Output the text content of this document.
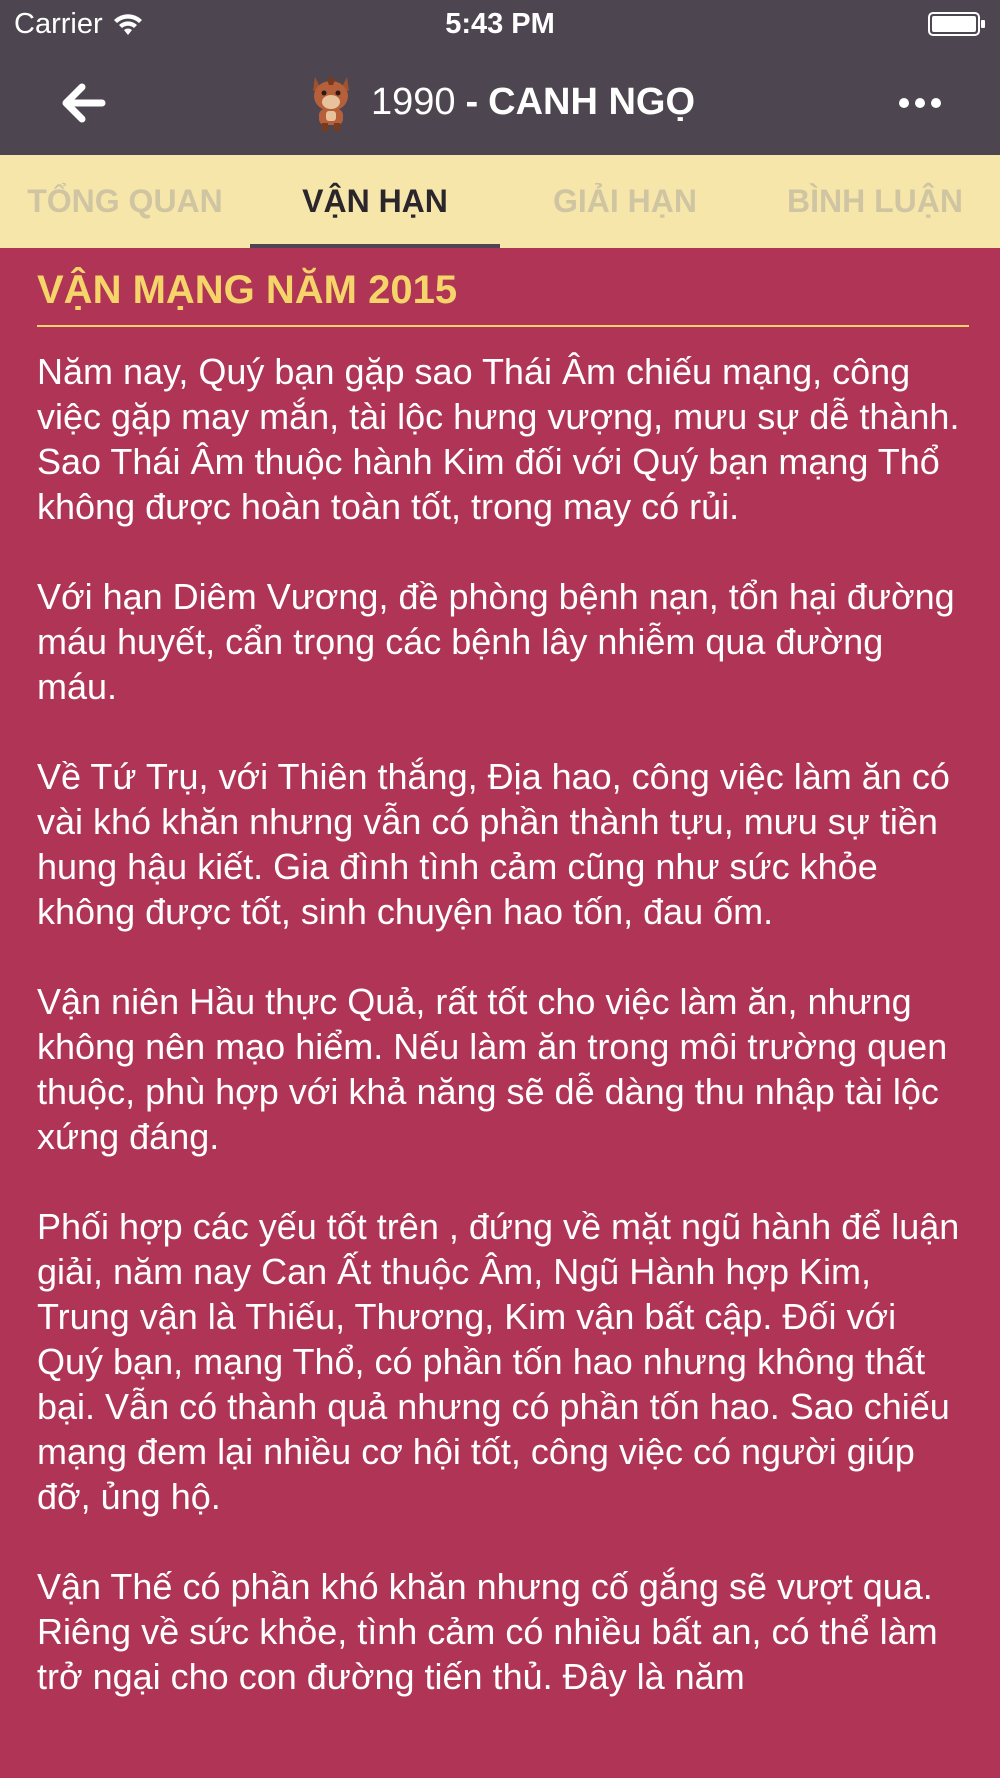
Carrier	5:43 PM
1990 - CANH NGỌ
TỔNG QUAN	VẬN HẠN	GIẢI HẠN	BÌNH LUẬN
VẬN MẠNG NĂM 2015

Năm nay, Quý bạn gặp sao Thái Âm chiếu mạng, công việc gặp may mắn, tài lộc hưng vượng, mưu sự dễ thành. Sao Thái Âm thuộc hành Kim đối với Quý bạn mạng Thổ không được hoàn toàn tốt, trong may có rủi.

Với hạn Diêm Vương, đề phòng bệnh nạn, tổn hại đường máu huyết, cẩn trọng các bệnh lây nhiễm qua đường máu.

Về Tứ Trụ, với Thiên thắng, Địa hao, công việc làm ăn có vài khó khăn nhưng vẫn có phần thành tựu, mưu sự tiền hung hậu kiết. Gia đình tình cảm cũng như sức khỏe không được tốt, sinh chuyện hao tốn, đau ốm.

Vận niên Hầu thực Quả, rất tốt cho việc làm ăn, nhưng không nên mạo hiểm. Nếu làm ăn trong môi trường quen thuộc, phù hợp với khả năng sẽ dễ dàng thu nhập tài lộc xứng đáng.

Phối hợp các yếu tốt trên , đứng về mặt ngũ hành để luận giải, năm nay Can Ất thuộc Âm, Ngũ Hành hợp Kim, Trung vận là Thiếu, Thương, Kim vận bất cập. Đối với Quý bạn, mạng Thổ, có phần tốn hao nhưng không thất bại. Vẫn có thành quả nhưng có phần tốn hao. Sao chiếu mạng đem lại nhiều cơ hội tốt, công việc có người giúp đỡ, ủng hộ.

Vận Thế có phần khó khăn nhưng cố gắng sẽ vượt qua. Riêng về sức khỏe, tình cảm có nhiều bất an, có thể làm trở ngại cho con đường tiến thủ. Đây là năm
